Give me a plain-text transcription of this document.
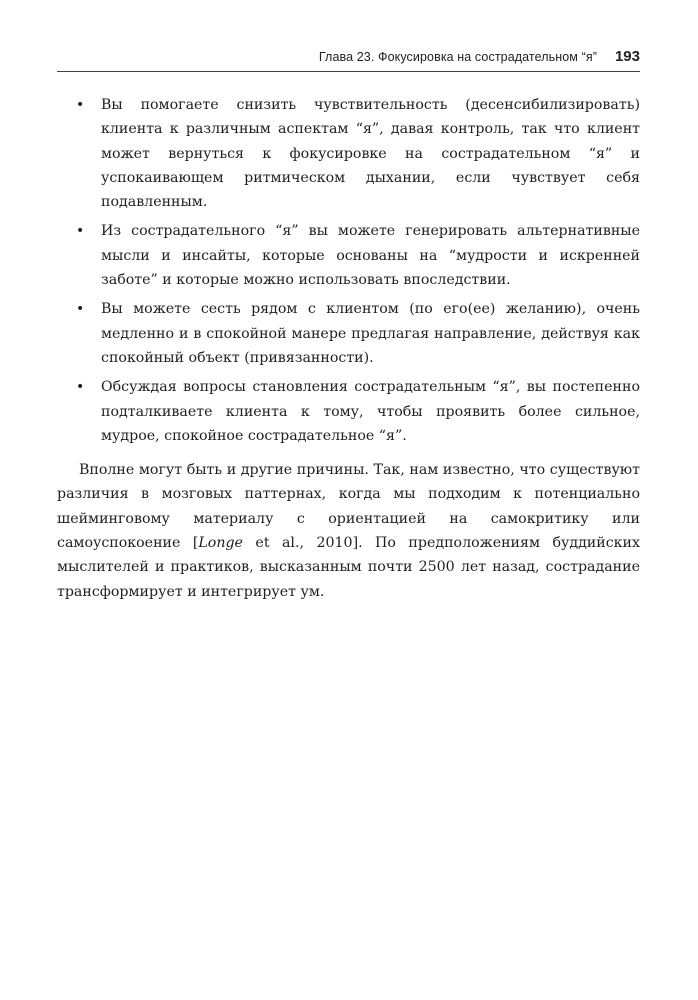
Глава 23. Фокусировка на сострадательном “я” 193
• Вы помогаете снизить чувствительность (десенсибилизировать) клиента к различным аспектам “я”, давая контроль, так что клиент может вернуться к фокусировке на сострадательном “я” и успокаивающем ритмическом дыхании, если чувствует себя подавленным.
• Из сострадательного “я” вы можете генерировать альтернативные мысли и инсайты, которые основаны на “мудрости и искренней заботе” и которые можно использовать впоследствии.
• Вы можете сесть рядом с клиентом (по его(ее) желанию), очень медленно и в спокойной манере предлагая направление, действуя как спокойный объект (привязанности).
• Обсуждая вопросы становления сострадательным “я”, вы постепенно подталкиваете клиента к тому, чтобы проявить более сильное, мудрое, спокойное сострадательное “я”.

Вполне могут быть и другие причины. Так, нам известно, что существуют различия в мозговых паттернах, когда мы подходим к потенциально шейминговому материалу с ориентацией на самокритику или самоуспокоение [Longe et al., 2010]. По предположениям буддийских мыслителей и практиков, высказанным почти 2500 лет назад, сострадание трансформирует и интегрирует ум.
